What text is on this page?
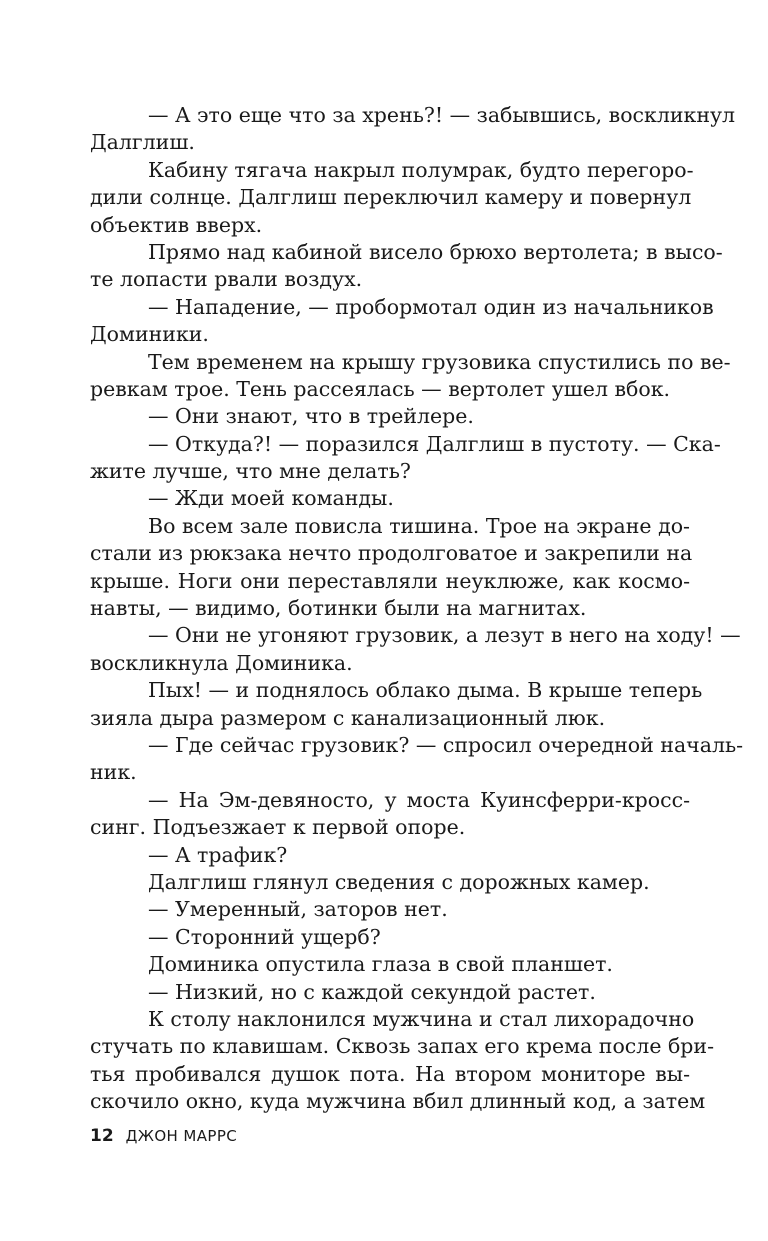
— А это еще что за хрень?! — забывшись, воскликнул
Далглиш.
Кабину тягача накрыл полумрак, будто перегоро-
дили солнце. Далглиш переключил камеру и повернул
объектив вверх.
Прямо над кабиной висело брюхо вертолета; в высо-
те лопасти рвали воздух.
— Нападение, — пробормотал один из начальников
Доминики.
Тем временем на крышу грузовика спустились по ве-
ревкам трое. Тень рассеялась — вертолет ушел вбок.
— Они знают, что в трейлере.
— Откуда?! — поразился Далглиш в пустоту. — Ска-
жите лучше, что мне делать?
— Жди моей команды.
Во всем зале повисла тишина. Трое на экране до-
стали из рюкзака нечто продолговатое и закрепили на
крыше. Ноги они переставляли неуклюже, как космо-
навты, — видимо, ботинки были на магнитах.
— Они не угоняют грузовик, а лезут в него на ходу! —
воскликнула Доминика.
Пых! — и поднялось облако дыма. В крыше теперь
зияла дыра размером с канализационный люк.
— Где сейчас грузовик? — спросил очередной началь-
ник.
— На Эм-девяносто, у моста Куинсферри-кросс-
синг. Подъезжает к первой опоре.
— А трафик?
Далглиш глянул сведения с дорожных камер.
— Умеренный, заторов нет.
— Сторонний ущерб?
Доминика опустила глаза в свой планшет.
— Низкий, но с каждой секундой растет.
К столу наклонился мужчина и стал лихорадочно
стучать по клавишам. Сквозь запах его крема после бри-
тья пробивался душок пота. На втором мониторе вы-
скочило окно, куда мужчина вбил длинный код, а затем
12 ДЖОН МАРРС
